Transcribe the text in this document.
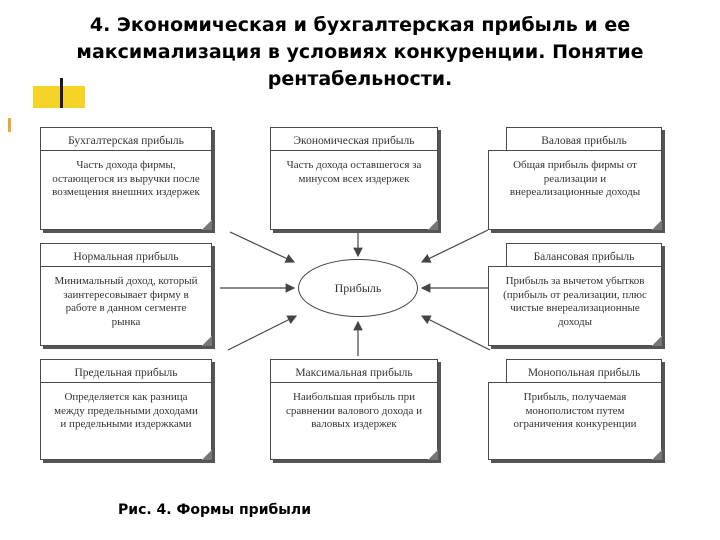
4. Экономическая и бухгалтерская прибыль и ее максимализация в условиях конкуренции. Понятие рентабельности.
Прибыль
Бухгалтерская прибыль
Часть дохода фирмы, остающегося из выручки после возмещения внешних издержек
Экономическая прибыль
Часть дохода оставшегося за минусом всех издержек
Валовая прибыль
Общая прибыль фирмы от реализации и внереализационные доходы
Нормальная прибыль
Минимальный доход, который заинтересовывает фирму в работе в данном сегменте рынка
Балансовая прибыль
Прибыль за вычетом убытков (прибыль от реализации, плюс чистые внереализационные доходы
Предельная прибыль
Определяется как разница между предельными доходами и предельными издержками
Максимальная прибыль
Наибольшая прибыль при сравнении валового дохода и валовых издержек
Монопольная прибыль
Прибыль, получаемая монополистом путем ограничения конкуренции
Рис. 4. Формы прибыли
